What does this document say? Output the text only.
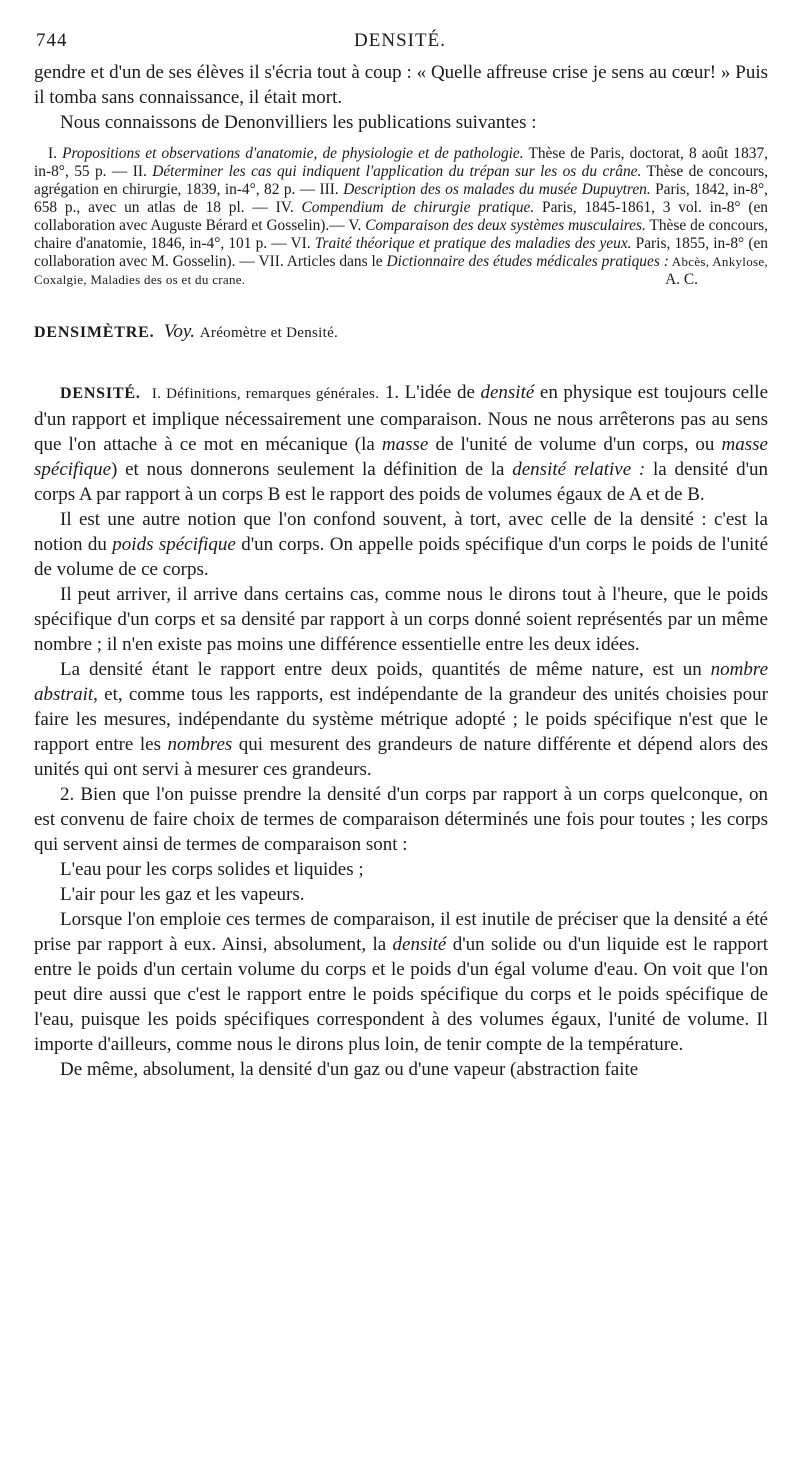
744	DENSITÉ.

gendre et d'un de ses élèves il s'écria tout à coup : « Quelle affreuse crise je sens au cœur! » Puis il tomba sans connaissance, il était mort.

Nous connaissons de Denonvilliers les publications suivantes :

I. Propositions et observations d'anatomie, de physiologie et de pathologie. Thèse de Paris, doctorat, 8 août 1837, in-8°, 55 p. — II. Déterminer les cas qui indiquent l'application du trépan sur les os du crâne. Thèse de concours, agrégation en chirurgie, 1839, in-4°, 82 p. — III. Description des os malades du musée Dupuytren. Paris, 1842, in-8°, 658 p., avec un atlas de 18 pl. — IV. Compendium de chirurgie pratique. Paris, 1845-1861, 3 vol. in-8° (en collaboration avec Auguste Bérard et Gosselin).— V. Comparaison des deux systèmes musculaires. Thèse de concours, chaire d'anatomie, 1846, in-4°, 101 p. — VI. Traité théorique et pratique des maladies des yeux. Paris, 1855, in-8° (en collaboration avec M. Gosselin). — VII. Articles dans le Dictionnaire des études médicales pratiques : Abcès, Ankylose, Coxalgie, Maladies des os et du crane.	A. C.

DENSIMÈTRE. Voy. Aréomètre et Densité.

DENSITÉ. I. Définitions, remarques générales. 1. L'idée de densité en physique est toujours celle d'un rapport et implique nécessairement une comparaison. Nous ne nous arrêterons pas au sens que l'on attache à ce mot en mécanique (la masse de l'unité de volume d'un corps, ou masse spécifique) et nous donnerons seulement la définition de la densité relative : la densité d'un corps A par rapport à un corps B est le rapport des poids de volumes égaux de A et de B.

Il est une autre notion que l'on confond souvent, à tort, avec celle de la densité : c'est la notion du poids spécifique d'un corps. On appelle poids spécifique d'un corps le poids de l'unité de volume de ce corps.

Il peut arriver, il arrive dans certains cas, comme nous le dirons tout à l'heure, que le poids spécifique d'un corps et sa densité par rapport à un corps donné soient représentés par un même nombre ; il n'en existe pas moins une différence essentielle entre les deux idées.

La densité étant le rapport entre deux poids, quantités de même nature, est un nombre abstrait, et, comme tous les rapports, est indépendante de la grandeur des unités choisies pour faire les mesures, indépendante du système métrique adopté ; le poids spécifique n'est que le rapport entre les nombres qui mesurent des grandeurs de nature différente et dépend alors des unités qui ont servi à mesurer ces grandeurs.

2. Bien que l'on puisse prendre la densité d'un corps par rapport à un corps quelconque, on est convenu de faire choix de termes de comparaison déterminés une fois pour toutes ; les corps qui servent ainsi de termes de comparaison sont :

L'eau pour les corps solides et liquides ;

L'air pour les gaz et les vapeurs.

Lorsque l'on emploie ces termes de comparaison, il est inutile de préciser que la densité a été prise par rapport à eux. Ainsi, absolument, la densité d'un solide ou d'un liquide est le rapport entre le poids d'un certain volume du corps et le poids d'un égal volume d'eau. On voit que l'on peut dire aussi que c'est le rapport entre le poids spécifique du corps et le poids spécifique de l'eau, puisque les poids spécifiques correspondent à des volumes égaux, l'unité de volume. Il importe d'ailleurs, comme nous le dirons plus loin, de tenir compte de la température.

De même, absolument, la densité d'un gaz ou d'une vapeur (abstraction faite
